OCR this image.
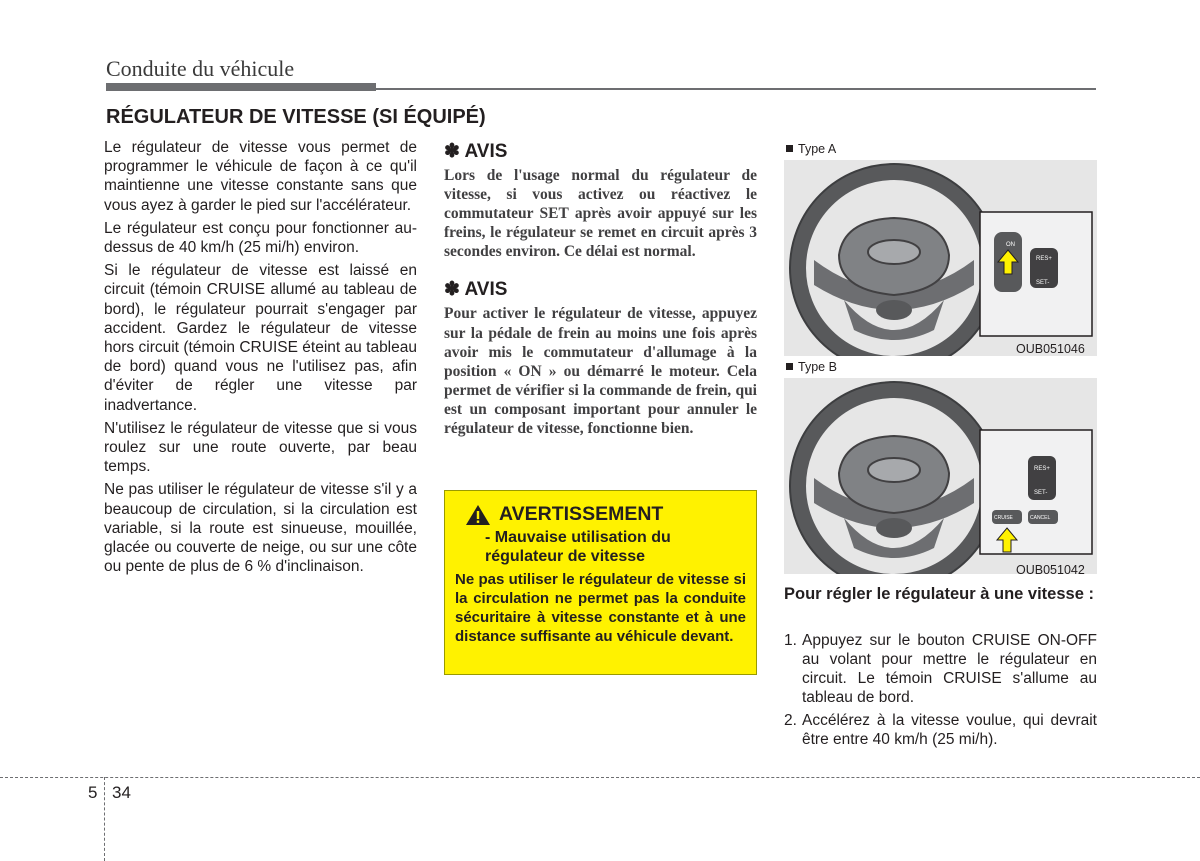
Conduite du véhicule
RÉGULATEUR DE VITESSE (SI ÉQUIPÉ)

Le régulateur de vitesse vous permet de programmer le véhicule de façon à ce qu'il maintienne une vitesse constante sans que vous ayez à garder le pied sur l'accélérateur.

Le régulateur est conçu pour fonctionner au-dessus de 40 km/h (25 mi/h) environ.

Si le régulateur de vitesse est laissé en circuit (témoin CRUISE allumé au tableau de bord), le régulateur pourrait s'engager par accident. Gardez le régulateur de vitesse hors circuit (témoin CRUISE éteint au tableau de bord) quand vous ne l'utilisez pas, afin d'éviter de régler une vitesse par inadvertance.

N'utilisez le régulateur de vitesse que si vous roulez sur une route ouverte, par beau temps.

Ne pas utiliser le régulateur de vitesse s'il y a beaucoup de circulation, si la circulation est variable, si la route est sinueuse, mouillée, glacée ou couverte de neige, ou sur une côte ou pente de plus de 6 % d'inclinaison.

✽ AVIS

Lors de l'usage normal du régulateur de vitesse, si vous activez ou réactivez le commutateur SET après avoir appuyé sur les freins, le régulateur se remet en circuit après 3 secondes environ. Ce délai est normal.

✽ AVIS

Pour activer le régulateur de vitesse, appuyez sur la pédale de frein au moins une fois après avoir mis le commutateur d'allumage à la position « ON » ou démarré le moteur. Cela permet de vérifier si la commande de frein, qui est un composant important pour annuler le régulateur de vitesse, fonctionne bien.

AVERTISSEMENT
- Mauvaise utilisation du régulateur de vitesse

Ne pas utiliser le régulateur de vitesse si la circulation ne permet pas la conduite sécuritaire à vitesse constante et à une distance suffisante au véhicule devant.

Type A
ON
RES+
SET-
OUB051046
Type B
RES+
SET-
CRUISE	CANCEL
OUB051042
Pour régler le régulateur à une vitesse :
1. Appuyez sur le bouton CRUISE ON-OFF au volant pour mettre le régulateur en circuit. Le témoin CRUISE s'allume au tableau de bord.
2. Accélérez à la vitesse voulue, qui devrait être entre 40 km/h (25 mi/h).
5 34
